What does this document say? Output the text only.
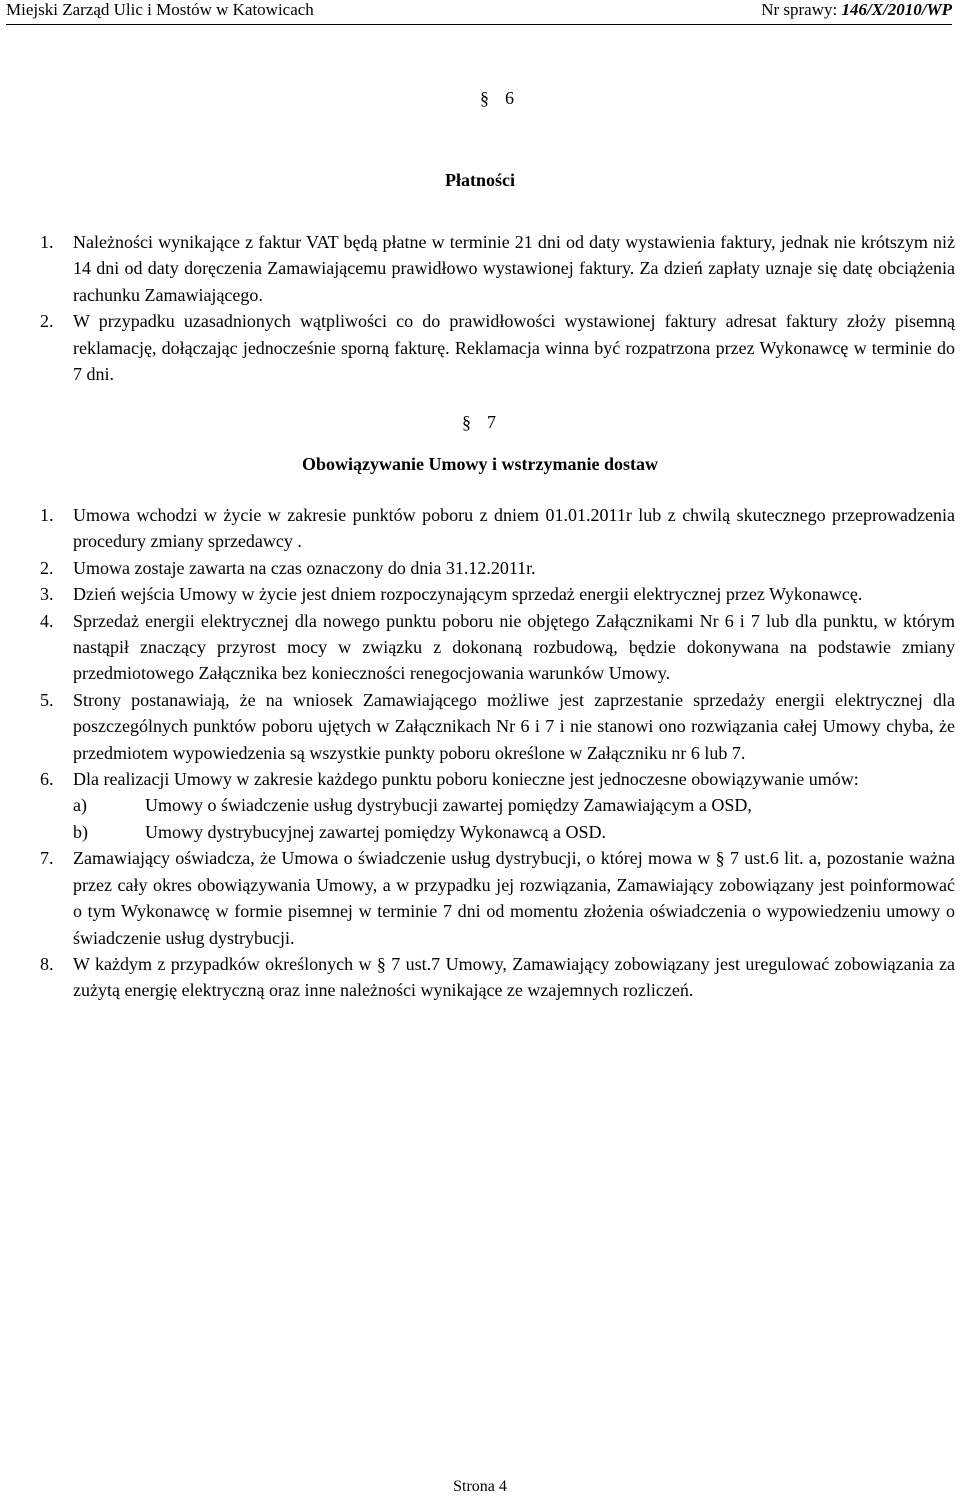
Miejski Zarząd Ulic i Mostów w Katowicach	Nr sprawy: 146/X/2010/WP
§ 6
Płatności
1. Należności wynikające z faktur VAT będą płatne w terminie 21 dni od daty wystawienia faktury, jednak nie krótszym niż 14 dni od daty doręczenia Zamawiającemu prawidłowo wystawionej faktury. Za dzień zapłaty uznaje się datę obciążenia rachunku Zamawiającego.
2. W przypadku uzasadnionych wątpliwości co do prawidłowości wystawionej faktury adresat faktury złoży pisemną reklamację, dołączając jednocześnie sporną fakturę. Reklamacja winna być rozpatrzona przez Wykonawcę w terminie do 7 dni.
§ 7
Obowiązywanie Umowy i wstrzymanie dostaw
1. Umowa wchodzi w życie w zakresie punktów poboru z dniem 01.01.2011r lub z chwilą skutecznego przeprowadzenia procedury zmiany sprzedawcy .
2. Umowa zostaje zawarta na czas oznaczony do dnia 31.12.2011r.
3. Dzień wejścia Umowy w życie jest dniem rozpoczynającym sprzedaż energii elektrycznej przez Wykonawcę.
4. Sprzedaż energii elektrycznej dla nowego punktu poboru nie objętego Załącznikami Nr 6 i 7 lub dla punktu, w którym nastąpił znaczący przyrost mocy w związku z dokonaną rozbudową, będzie dokonywana na podstawie zmiany przedmiotowego Załącznika bez konieczności renegocjowania warunków Umowy.
5. Strony postanawiają, że na wniosek Zamawiającego możliwe jest zaprzestanie sprzedaży energii elektrycznej dla poszczególnych punktów poboru ujętych w Załącznikach Nr 6 i 7 i nie stanowi ono rozwiązania całej Umowy chyba, że przedmiotem wypowiedzenia są wszystkie punkty poboru określone w Załączniku nr 6 lub 7.
6. Dla realizacji Umowy w zakresie każdego punktu poboru konieczne jest jednoczesne obowiązywanie umów:
a)	Umowy o świadczenie usług dystrybucji zawartej pomiędzy Zamawiającym a OSD,
b)	Umowy dystrybucyjnej zawartej pomiędzy Wykonawcą a OSD.
7. Zamawiający oświadcza, że Umowa o świadczenie usług dystrybucji, o której mowa w § 7 ust.6 lit. a, pozostanie ważna przez cały okres obowiązywania Umowy, a w przypadku jej rozwiązania, Zamawiający zobowiązany jest poinformować o tym Wykonawcę w formie pisemnej w terminie 7 dni od momentu złożenia oświadczenia o wypowiedzeniu umowy o świadczenie usług dystrybucji.
8. W każdym z przypadków określonych w § 7 ust.7 Umowy, Zamawiający zobowiązany jest uregulować zobowiązania za zużytą energię elektryczną oraz inne należności wynikające ze wzajemnych rozliczeń.
Strona 4
